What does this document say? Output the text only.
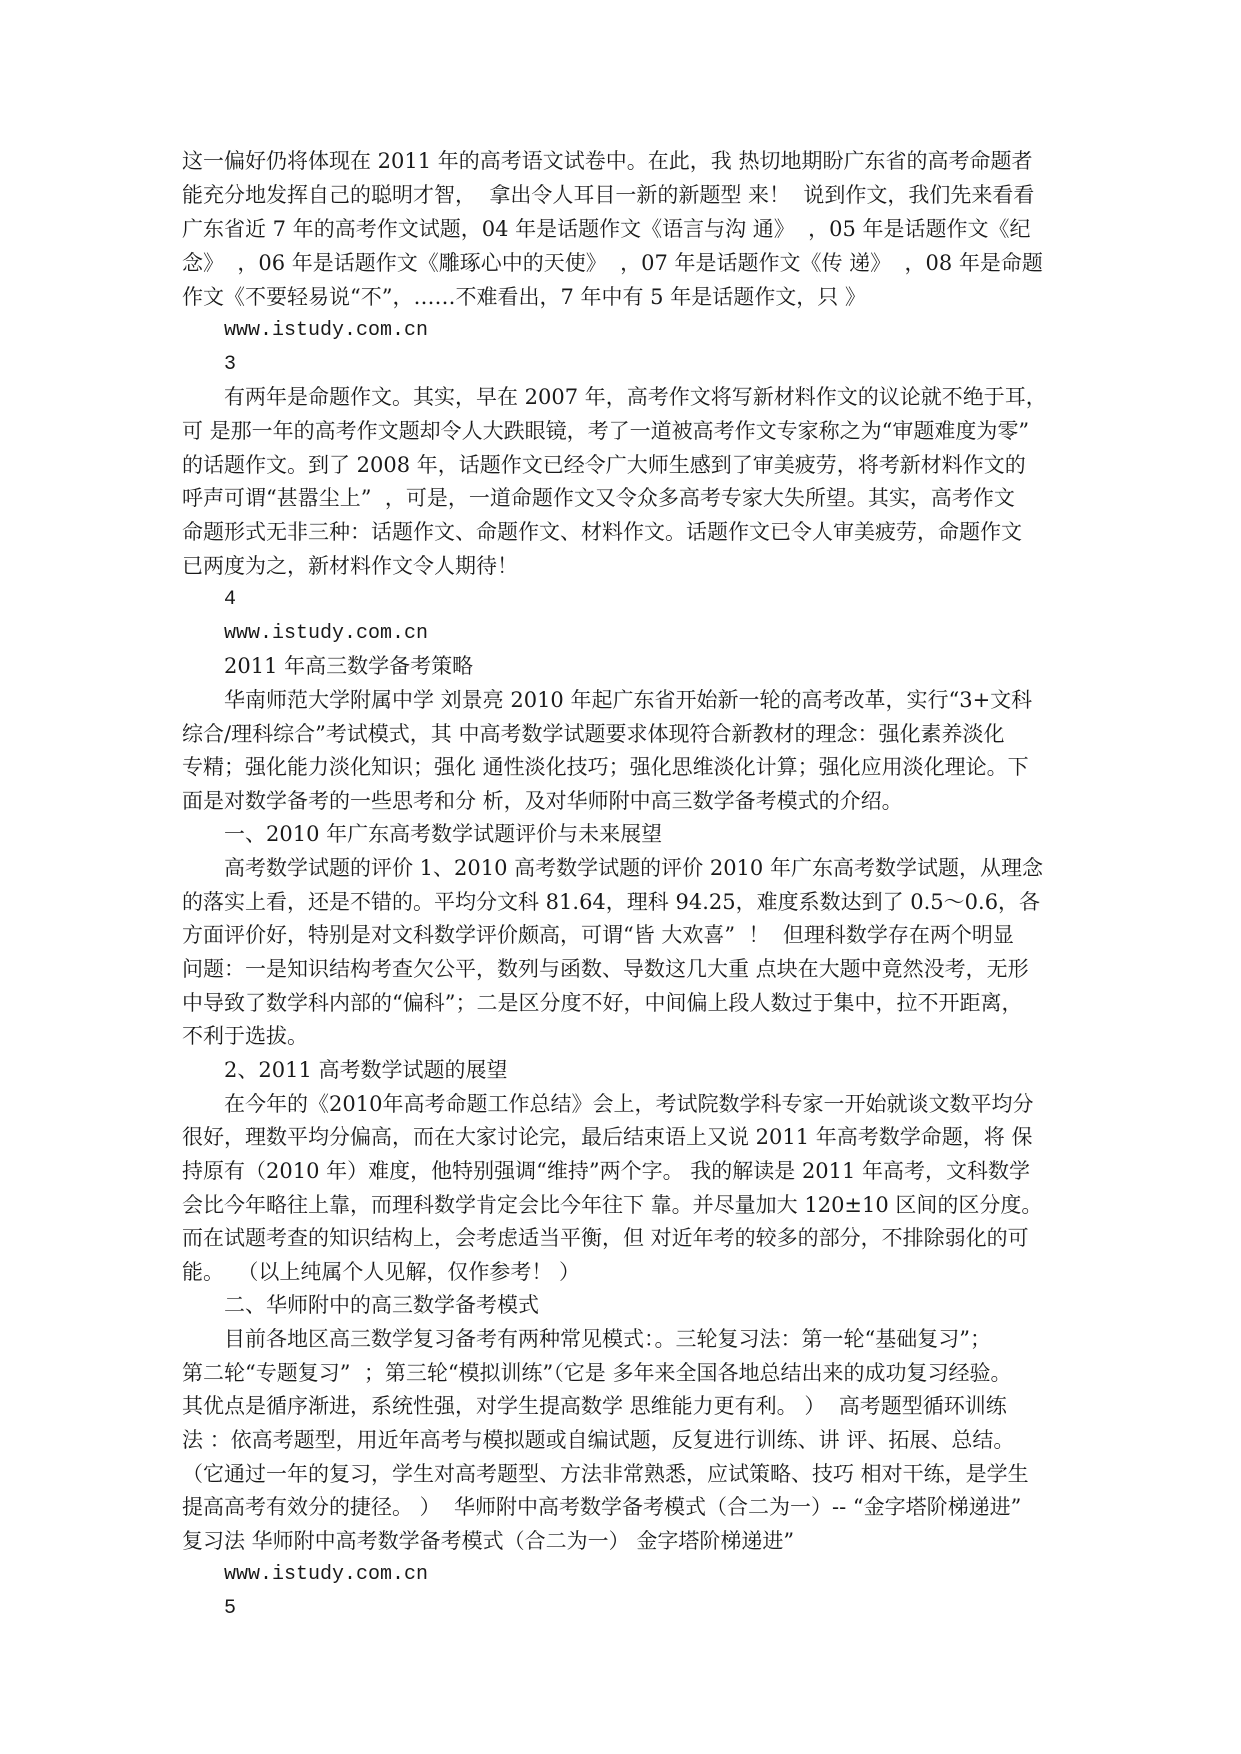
这一偏好仍将体现在 2011 年的高考语文试卷中。在此，我 热切地期盼广东省的高考命题者

能充分地发挥自己的聪明才智，  拿出令人耳目一新的新题型 来！  说到作文，我们先来看看

广东省近 7 年的高考作文试题，04 年是话题作文《语言与沟 通》  ，05 年是话题作文《纪

念》  ，06 年是话题作文《雕琢心中的天使》  ，07 年是话题作文《传 递》  ，08 年是命题

作文《不要轻易说“不”，……不难看出，7 年中有 5 年是话题作文，只 》

www.istudy.com.cn

3

有两年是命题作文。其实，早在 2007 年，高考作文将写新材料作文的议论就不绝于耳，

可 是那一年的高考作文题却令人大跌眼镜，考了一道被高考作文专家称之为“审题难度为零”

的话题作文。到了 2008 年，话题作文已经令广大师生感到了审美疲劳，将考新材料作文的

呼声可谓“甚嚣尘上”  ，可是，一道命题作文又令众多高考专家大失所望。其实，高考作文

命题形式无非三种：话题作文、命题作文、材料作文。话题作文已令人审美疲劳，命题作文

已两度为之，新材料作文令人期待！

4

www.istudy.com.cn

2011 年高三数学备考策略

华南师范大学附属中学 刘景亮 2010 年起广东省开始新一轮的高考改革，实行“3+文科

综合/理科综合”考试模式，其 中高考数学试题要求体现符合新教材的理念：强化素养淡化

专精；强化能力淡化知识；强化 通性淡化技巧；强化思维淡化计算；强化应用淡化理论。下

面是对数学备考的一些思考和分 析，及对华师附中高三数学备考模式的介绍。

一、2010 年广东高考数学试题评价与未来展望

高考数学试题的评价 1、2010 高考数学试题的评价 2010 年广东高考数学试题，从理念

的落实上看，还是不错的。平均分文科 81.64，理科 94.25，难度系数达到了 0.5～0.6，各

方面评价好，特别是对文科数学评价颇高，可谓“皆 大欢喜”  ！  但理科数学存在两个明显

问题：一是知识结构考查欠公平，数列与函数、导数这几大重 点块在大题中竟然没考，无形

中导致了数学科内部的“偏科”；二是区分度不好，中间偏上段人数过于集中，拉不开距离，

不利于选拔。

2、2011 高考数学试题的展望

在今年的《2010年高考命题工作总结》会上，考试院数学科专家一开始就谈文数平均分

很好，理数平均分偏高，而在大家讨论完，最后结束语上又说 2011 年高考数学命题，将 保

持原有（2010 年）难度，他特别强调“维持”两个字。 我的解读是 2011 年高考，文科数学

会比今年略往上靠，而理科数学肯定会比今年往下 靠。并尽量加大 120±10 区间的区分度。

而在试题考查的知识结构上，会考虑适当平衡，但 对近年考的较多的部分，不排除弱化的可

能。  （以上纯属个人见解，仅作参考！ ）

二、华师附中的高三数学备考模式

目前各地区高三数学复习备考有两种常见模式：。三轮复习法：第一轮“基础复习”；

第二轮“专题复习”  ；第三轮“模拟训练”（它是 多年来全国各地总结出来的成功复习经验。

其优点是循序渐进，系统性强，对学生提高数学 思维能力更有利。 ）  高考题型循环训练

法 ：依高考题型，用近年高考与模拟题或自编试题，反复进行训练、讲 评、拓展、总结。

（它通过一年的复习，学生对高考题型、方法非常熟悉，应试策略、技巧 相对干练，是学生

提高高考有效分的捷径。 ）  华师附中高考数学备考模式（合二为一）-- “金字塔阶梯递进”

复习法 华师附中高考数学备考模式（合二为一） 金字塔阶梯递进”

www.istudy.com.cn

5
